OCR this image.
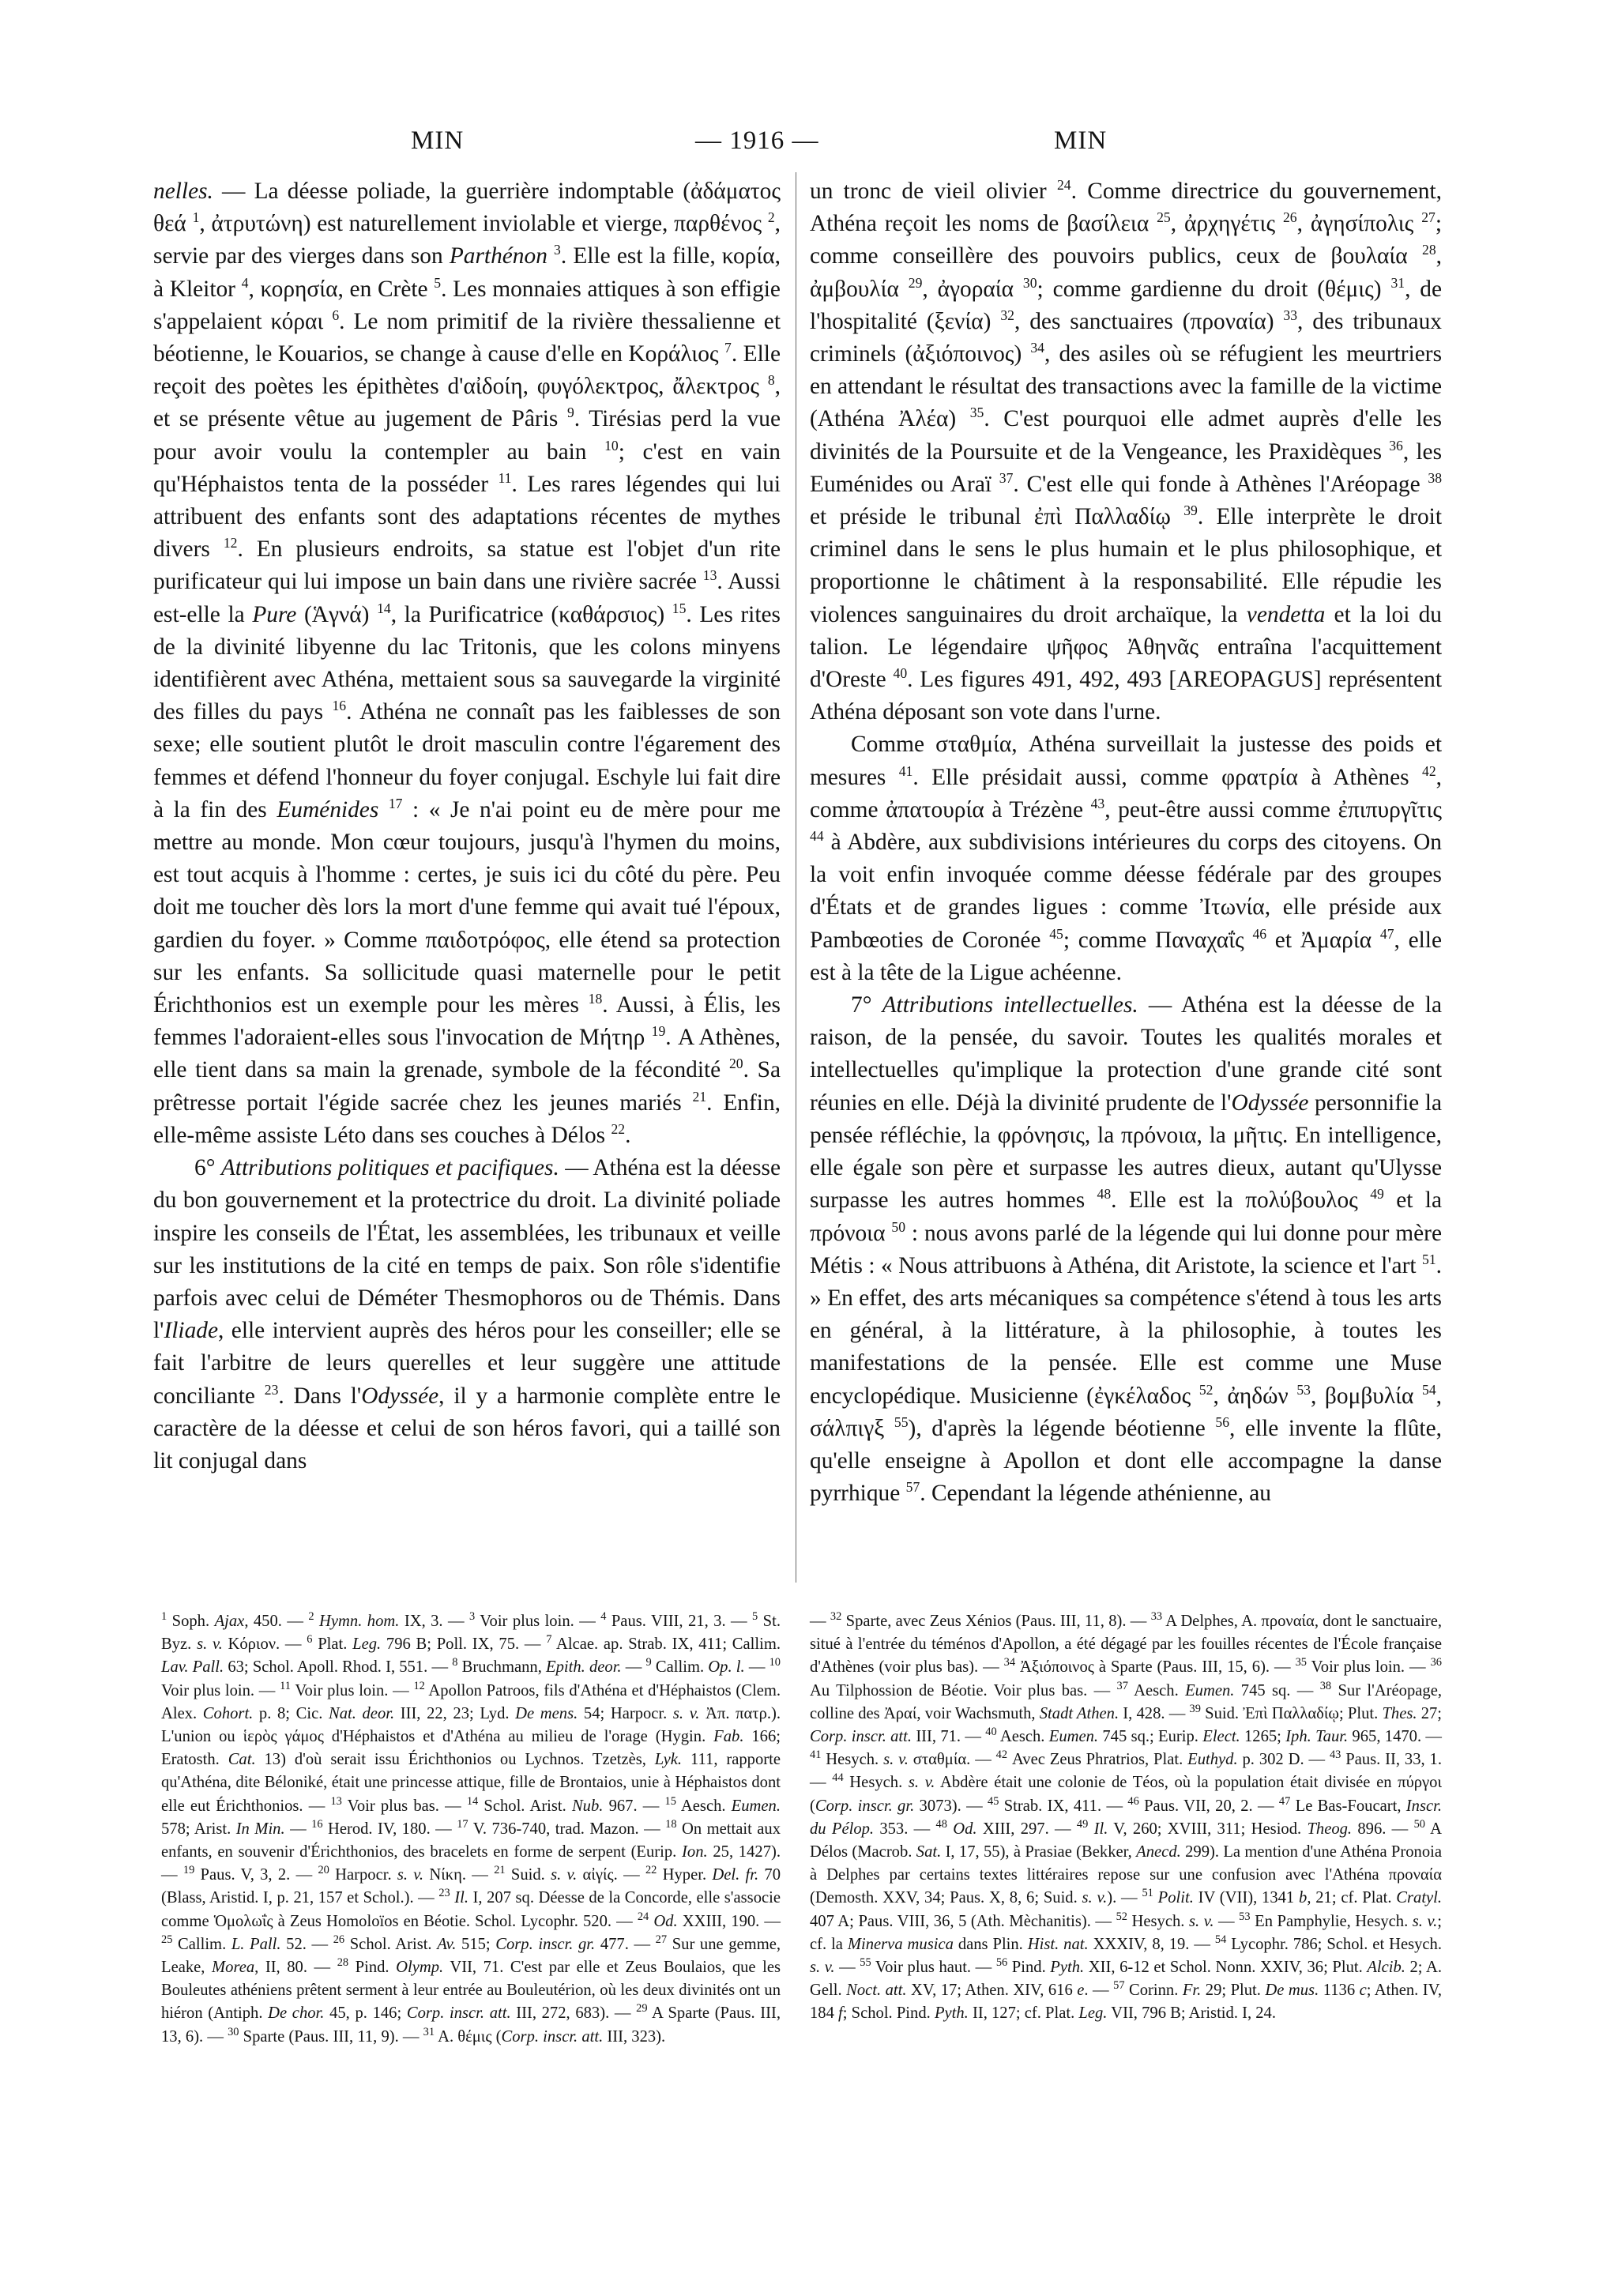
MIN	— 1916 —	MIN

nelles. — La déesse poliade, la guerrière indomptable (ἀδάματος θεά $^1$, ἀτρυτώνη) est naturellement inviolable et vierge, παρθένος $^2$, servie par des vierges dans son Parthénon $^3$. Elle est la fille, κορία, à Kleitor $^4$, κορησία, en Crète $^5$. Les monnaies attiques à son effigie s'appelaient κόραι $^6$. Le nom primitif de la rivière thessalienne et béotienne, le Kouarios, se change à cause d'elle en Κοράλιος $^7$. Elle reçoit des poètes les épithètes d'αἰδοίη, φυγόλεκτρος, ἄλεκτρος $^8$, et se présente vêtue au jugement de Pâris $^9$. Tirésias perd la vue pour avoir voulu la contempler au bain $^{10}$; c'est en vain qu'Héphaistos tenta de la posséder $^{11}$. Les rares légendes qui lui attribuent des enfants sont des adaptations récentes de mythes divers $^{12}$. En plusieurs endroits, sa statue est l'objet d'un rite purificateur qui lui impose un bain dans une rivière sacrée $^{13}$. Aussi est-elle la Pure (Ἁγνά) $^{14}$, la Purificatrice (καθάρσιος) $^{15}$. Les rites de la divinité libyenne du lac Tritonis, que les colons minyens identifièrent avec Athéna, mettaient sous sa sauvegarde la virginité des filles du pays $^{16}$. Athéna ne connaît pas les faiblesses de son sexe; elle soutient plutôt le droit masculin contre l'égarement des femmes et défend l'honneur du foyer conjugal. Eschyle lui fait dire à la fin des Euménides $^{17}$ : « Je n'ai point eu de mère pour me mettre au monde. Mon cœur toujours, jusqu'à l'hymen du moins, est tout acquis à l'homme : certes, je suis ici du côté du père. Peu doit me toucher dès lors la mort d'une femme qui avait tué l'époux, gardien du foyer. » Comme παιδοτρόφος, elle étend sa protection sur les enfants. Sa sollicitude quasi maternelle pour le petit Érichthonios est un exemple pour les mères $^{18}$. Aussi, à Élis, les femmes l'adoraient-elles sous l'invocation de Μήτηρ $^{19}$. A Athènes, elle tient dans sa main la grenade, symbole de la fécondité $^{20}$. Sa prêtresse portait l'égide sacrée chez les jeunes mariés $^{21}$. Enfin, elle-même assiste Léto dans ses couches à Délos $^{22}$.

6° Attributions politiques et pacifiques. — Athéna est la déesse du bon gouvernement et la protectrice du droit. La divinité poliade inspire les conseils de l'État, les assemblées, les tribunaux et veille sur les institutions de la cité en temps de paix. Son rôle s'identifie parfois avec celui de Déméter Thesmophoros ou de Thémis. Dans l'Iliade, elle intervient auprès des héros pour les conseiller; elle se fait l'arbitre de leurs querelles et leur suggère une attitude conciliante $^{23}$. Dans l'Odyssée, il y a harmonie complète entre le caractère de la déesse et celui de son héros favori, qui a taillé son lit conjugal dans

un tronc de vieil olivier $^{24}$. Comme directrice du gouvernement, Athéna reçoit les noms de βασίλεια $^{25}$, ἀρχηγέτις $^{26}$, ἀγησίπολις $^{27}$; comme conseillère des pouvoirs publics, ceux de βουλαία $^{28}$, ἀμβουλία $^{29}$, ἀγοραία $^{30}$; comme gardienne du droit (θέμις) $^{31}$, de l'hospitalité (ξενία) $^{32}$, des sanctuaires (προναία) $^{33}$, des tribunaux criminels (ἀξιόποινος) $^{34}$, des asiles où se réfugient les meurtriers en attendant le résultat des transactions avec la famille de la victime (Athéna Ἀλέα) $^{35}$. C'est pourquoi elle admet auprès d'elle les divinités de la Poursuite et de la Vengeance, les Praxidèques $^{36}$, les Euménides ou Araï $^{37}$. C'est elle qui fonde à Athènes l'Aréopage $^{38}$ et préside le tribunal ἐπὶ Παλλαδίῳ $^{39}$. Elle interprète le droit criminel dans le sens le plus humain et le plus philosophique, et proportionne le châtiment à la responsabilité. Elle répudie les violences sanguinaires du droit archaïque, la vendetta et la loi du talion. Le légendaire ψῆφος Ἀθηνᾶς entraîna l'acquittement d'Oreste $^{40}$. Les figures 491, 492, 493 [AREOPAGUS] représentent Athéna déposant son vote dans l'urne.

Comme σταθμία, Athéna surveillait la justesse des poids et mesures $^{41}$. Elle présidait aussi, comme φρατρία à Athènes $^{42}$, comme ἀπατουρία à Trézène $^{43}$, peut-être aussi comme ἐπιπυργῖτις $^{44}$ à Abdère, aux subdivisions intérieures du corps des citoyens. On la voit enfin invoquée comme déesse fédérale par des groupes d'États et de grandes ligues : comme Ἰτωνία, elle préside aux Pambœoties de Coronée $^{45}$; comme Παναχαΐς $^{46}$ et Ἀμαρία $^{47}$, elle est à la tête de la Ligue achéenne.

7° Attributions intellectuelles. — Athéna est la déesse de la raison, de la pensée, du savoir. Toutes les qualités morales et intellectuelles qu'implique la protection d'une grande cité sont réunies en elle. Déjà la divinité prudente de l'Odyssée personnifie la pensée réfléchie, la φρόνησις, la πρόνοια, la μῆτις. En intelligence, elle égale son père et surpasse les autres dieux, autant qu'Ulysse surpasse les autres hommes $^{48}$. Elle est la πολύβουλος $^{49}$ et la πρόνοια $^{50}$ : nous avons parlé de la légende qui lui donne pour mère Métis : « Nous attribuons à Athéna, dit Aristote, la science et l'art $^{51}$. » En effet, des arts mécaniques sa compétence s'étend à tous les arts en général, à la littérature, à la philosophie, à toutes les manifestations de la pensée. Elle est comme une Muse encyclopédique. Musicienne (ἐγκέλαδος $^{52}$, ἀηδών $^{53}$, βομβυλία $^{54}$, σάλπιγξ $^{55}$), d'après la légende béotienne $^{56}$, elle invente la flûte, qu'elle enseigne à Apollon et dont elle accompagne la danse pyrrhique $^{57}$. Cependant la légende athénienne, au

$^1$ Soph. Ajax, 450. — $^2$ Hymn. hom. IX, 3. — $^3$ Voir plus loin. — $^4$ Paus. VIII, 21, 3. — $^5$ St. Byz. s. v. Κόριον. — $^6$ Plat. Leg. 796 B; Poll. IX, 75. — $^7$ Alcae. ap. Strab. IX, 411; Callim. Lav. Pall. 63; Schol. Apoll. Rhod. I, 551. — $^8$ Bruchmann, Epith. deor. — $^9$ Callim. Op. l. — $^{10}$ Voir plus loin. — $^{11}$ Voir plus loin. — $^{12}$ Apollon Patroos, fils d'Athéna et d'Héphaistos (Clem. Alex. Cohort. p. 8; Cic. Nat. deor. III, 22, 23; Lyd. De mens. 54; Harpocr. s. v. Ἀπ. πατρ.). L'union ou ἱερὸς γάμος d'Héphaistos et d'Athéna au milieu de l'orage (Hygin. Fab. 166; Eratosth. Cat. 13) d'où serait issu Érichthonios ou Lychnos. Tzetzès, Lyk. 111, rapporte qu'Athéna, dite Béloniké, était une princesse attique, fille de Brontaios, unie à Héphaistos dont elle eut Érichthonios. — $^{13}$ Voir plus bas. — $^{14}$ Schol. Arist. Nub. 967. — $^{15}$ Aesch. Eumen. 578; Arist. In Min. — $^{16}$ Herod. IV, 180. — $^{17}$ V. 736-740, trad. Mazon. — $^{18}$ On mettait aux enfants, en souvenir d'Érichthonios, des bracelets en forme de serpent (Eurip. Ion. 25, 1427). — $^{19}$ Paus. V, 3, 2. — $^{20}$ Harpocr. s. v. Νίκη. — $^{21}$ Suid. s. v. αἰγίς. — $^{22}$ Hyper. Del. fr. 70 (Blass, Aristid. I, p. 21, 157 et Schol.). — $^{23}$ Il. I, 207 sq. Déesse de la Concorde, elle s'associe comme Ὁμολωΐς à Zeus Homoloïos en Béotie. Schol. Lycophr. 520. — $^{24}$ Od. XXIII, 190. — $^{25}$ Callim. L. Pall. 52. — $^{26}$ Schol. Arist. Av. 515; Corp. inscr. gr. 477. — $^{27}$ Sur une gemme, Leake, Morea, II, 80. — $^{28}$ Pind. Olymp. VII, 71. C'est par elle et Zeus Boulaios, que les Bouleutes athéniens prêtent serment à leur entrée au Bouleutérion, où les deux divinités ont un hiéron (Antiph. De chor. 45, p. 146; Corp. inscr. att. III, 272, 683). — $^{29}$ A Sparte (Paus. III, 13, 6). — $^{30}$ Sparte (Paus. III, 11, 9). — $^{31}$ A. θέμις (Corp. inscr. att. III, 323).

— $^{32}$ Sparte, avec Zeus Xénios (Paus. III, 11, 8). — $^{33}$ A Delphes, A. προναία, dont le sanctuaire, situé à l'entrée du téménos d'Apollon, a été dégagé par les fouilles récentes de l'École française d'Athènes (voir plus bas). — $^{34}$ Ἀξιόποινος à Sparte (Paus. III, 15, 6). — $^{35}$ Voir plus loin. — $^{36}$ Au Tilphossion de Béotie. Voir plus bas. — $^{37}$ Aesch. Eumen. 745 sq. — $^{38}$ Sur l'Aréopage, colline des Ἀραί, voir Wachsmuth, Stadt Athen. I, 428. — $^{39}$ Suid. Ἐπὶ Παλλαδίῳ; Plut. Thes. 27; Corp. inscr. att. III, 71. — $^{40}$ Aesch. Eumen. 745 sq.; Eurip. Elect. 1265; Iph. Taur. 965, 1470. — $^{41}$ Hesych. s. v. σταθμία. — $^{42}$ Avec Zeus Phratrios, Plat. Euthyd. p. 302 D. — $^{43}$ Paus. II, 33, 1. — $^{44}$ Hesych. s. v. Abdère était une colonie de Téos, où la population était divisée en πύργοι (Corp. inscr. gr. 3073). — $^{45}$ Strab. IX, 411. — $^{46}$ Paus. VII, 20, 2. — $^{47}$ Le Bas-Foucart, Inscr. du Pélop. 353. — $^{48}$ Od. XIII, 297. — $^{49}$ Il. V, 260; XVIII, 311; Hesiod. Theog. 896. — $^{50}$ A Délos (Macrob. Sat. I, 17, 55), à Prasiae (Bekker, Anecd. 299). La mention d'une Athéna Pronoia à Delphes par certains textes littéraires repose sur une confusion avec l'Athéna προναία (Demosth. XXV, 34; Paus. X, 8, 6; Suid. s. v.). — $^{51}$ Polit. IV (VII), 1341 b, 21; cf. Plat. Cratyl. 407 A; Paus. VIII, 36, 5 (Ath. Mèchanitis). — $^{52}$ Hesych. s. v. — $^{53}$ En Pamphylie, Hesych. s. v.; cf. la Minerva musica dans Plin. Hist. nat. XXXIV, 8, 19. — $^{54}$ Lycophr. 786; Schol. et Hesych. s. v. — $^{55}$ Voir plus haut. — $^{56}$ Pind. Pyth. XII, 6-12 et Schol. Nonn. XXIV, 36; Plut. Alcib. 2; A. Gell. Noct. att. XV, 17; Athen. XIV, 616 e. — $^{57}$ Corinn. Fr. 29; Plut. De mus. 1136 c; Athen. IV, 184 f; Schol. Pind. Pyth. II, 127; cf. Plat. Leg. VII, 796 B; Aristid. I, 24.
